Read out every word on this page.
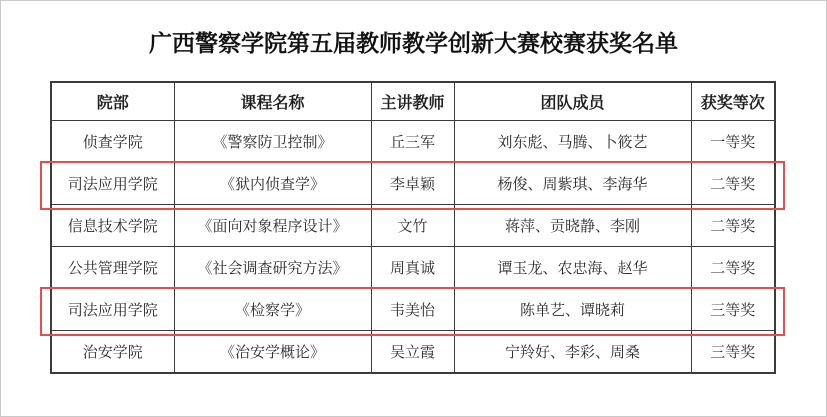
广西警察学院第五届教师教学创新大赛校赛获奖名单
院部	课程名称	主讲教师	团队成员	获奖等次
侦查学院	《警察防卫控制》	丘三军	刘东彪、马腾、卜筱艺	一等奖
司法应用学院	《狱内侦查学》	李卓颖	杨俊、周紫琪、李海华	二等奖
信息技术学院	《面向对象程序设计》	文竹	蒋萍、贡晓静、李刚	二等奖
公共管理学院	《社会调查研究方法》	周真诚	谭玉龙、农忠海、赵华	二等奖
司法应用学院	《检察学》	韦美怡	陈单艺、谭晓莉	三等奖
治安学院	《治安学概论》	吴立霞	宁羚好、李彩、周桑	三等奖
